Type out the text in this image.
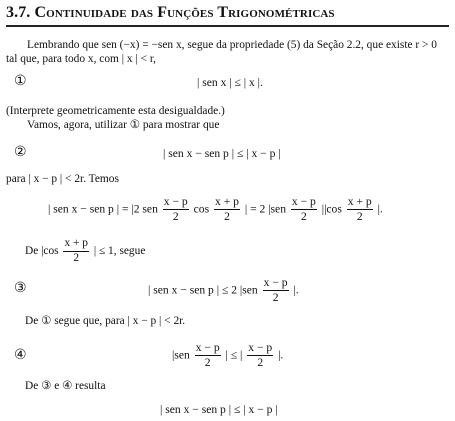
3.7. Continuidade das Funções Trigonométricas
Lembrando que sen (−x) = −sen x, segue da propriedade (5) da Seção 2.2, que existe r > 0
tal que, para todo x, com | x | < r,
①	| sen x | ≤ | x |.
(Interprete geometricamente esta desigualdade.)
Vamos, agora, utilizar ① para mostrar que
②	| sen x − sen p | ≤ | x − p |
para | x − p | < 2r. Temos
| sen x − sen p | = |2 sen $\frac{x - p}{2}$ $\cos \frac{x + p}{2}$ | = 2 $|sen \frac{x - p}{2} ||\cos \frac{x + p}{2}$ |.
De $|\cos \frac{x + p}{2}$ | ≤ 1, segue
③	| sen x − sen p | ≤ 2 $|sen \frac{x - p}{2}$ |.
De ① segue que, para | x − p | < 2r.
④	$|sen \frac{x - p}{2}$ | ≤ | $\frac{x - p}{2}$ |.
De ③ e ④ resulta
| sen x − sen p | ≤ | x − p |
